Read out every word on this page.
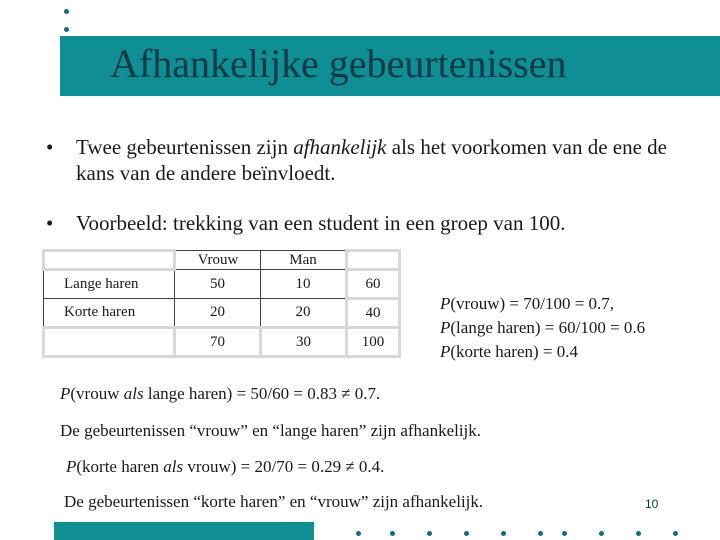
Afhankelijke gebeurtenissen
• Twee gebeurtenissen zijn afhankelijk als het voorkomen van de ene de kans van de andere beïnvloedt.
• Voorbeeld: trekking van een student in een groep van 100.
	Vrouw	Man	
Lange haren	50	10	60
Korte haren	20	20	40
	70	30	100
P(vrouw) = 70/100 = 0.7,
P(lange haren) = 60/100 = 0.6
P(korte haren) = 0.4
P(vrouw als lange haren) = 50/60 = 0.83 ≠ 0.7.
De gebeurtenissen “vrouw” en “lange haren” zijn afhankelijk.
P(korte haren als vrouw) = 20/70 = 0.29 ≠ 0.4.
De gebeurtenissen “korte haren” en “vrouw” zijn afhankelijk.	10
